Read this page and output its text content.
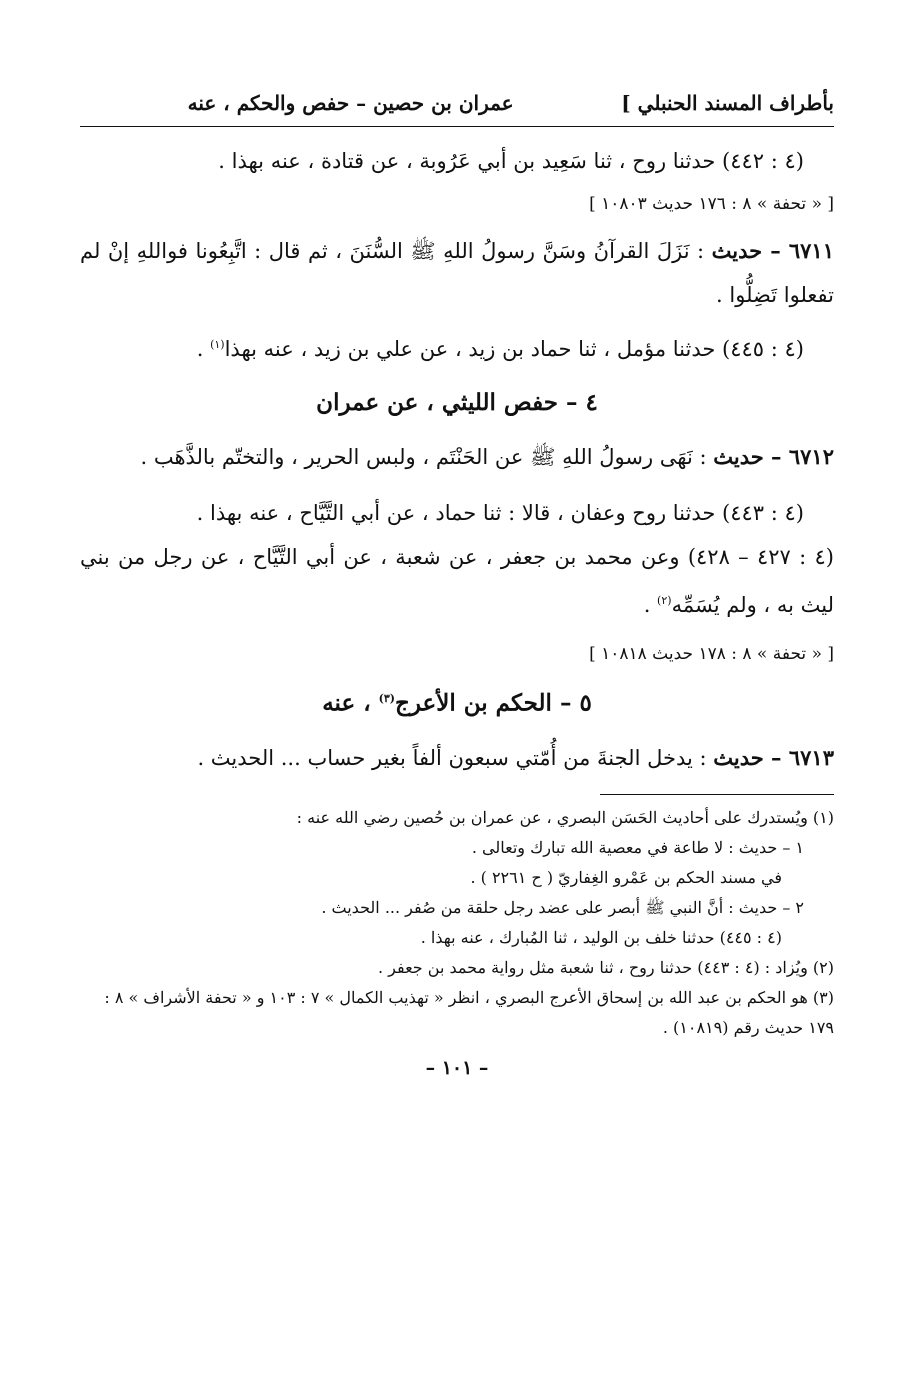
بأطراف المسند الحنبلي ]
عمران بن حصين – حفص والحكم ، عنه
(٤ : ٤٤٢) حدثنا روح ، ثنا سَعِيد بن أبي عَرُوبة ، عن قتادة ، عنه بهذا .
[ « تحفة » ٨ : ١٧٦ حديث ١٠٨٠٣ ]
٦٧١١ – حديث : نَزَلَ القرآنُ وسَنَّ رسولُ اللهِ ﷺ السُّنَنَ ، ثم قال : اتَّبِعُونا فواللهِ إنْ لم تفعلوا تَضِلُّوا .
(٤ : ٤٤٥) حدثنا مؤمل ، ثنا حماد بن زيد ، عن علي بن زيد ، عنه بهذا$^{(١)}$ .
٤ – حفص الليثي ، عن عمران
٦٧١٢ – حديث : نَهَى رسولُ اللهِ ﷺ عن الحَنْتَم ، ولبس الحرير ، والتختّم بالذَّهَب .
(٤ : ٤٤٣) حدثنا روح وعفان ، قالا : ثنا حماد ، عن أبي التَّيَّاح ، عنه بهذا .
(٤ : ٤٢٧ – ٤٢٨) وعن محمد بن جعفر ، عن شعبة ، عن أبي التَّيَّاح ، عن رجل من بني ليث به ، ولم يُسَمِّه$^{(٢)}$ .
[ « تحفة » ٨ : ١٧٨ حديث ١٠٨١٨ ]
٥ – الحكم بن الأعرج$^{(٣)}$ ، عنه
٦٧١٣ – حديث : يدخل الجنةَ من أُمّتي سبعون ألفاً بغير حساب ... الحديث .
(١) ويُستدرك على أحاديث الحَسَن البصري ، عن عمران بن حُصين رضي الله عنه :
١ – حديث : لا طاعة في معصية الله تبارك وتعالى .
في مسند الحكم بن عَمْرو الغِفاريّ ( ح ٢٢٦١ ) .
٢ – حديث : أنَّ النبي ﷺ أبصر على عضد رجل حلقة من صُفر ... الحديث .
(٤ : ٤٤٥) حدثنا خلف بن الوليد ، ثنا المُبارك ، عنه بهذا .
(٢) ويُزاد : (٤ : ٤٤٣) حدثنا روح ، ثنا شعبة مثل رواية محمد بن جعفر .
(٣) هو الحكم بن عبد الله بن إسحاق الأعرج البصري ، انظر « تهذيب الكمال » ٧ : ١٠٣ و « تحفة الأشراف » ٨ : ١٧٩ حديث رقم (١٠٨١٩) .
– ١٠١ –
